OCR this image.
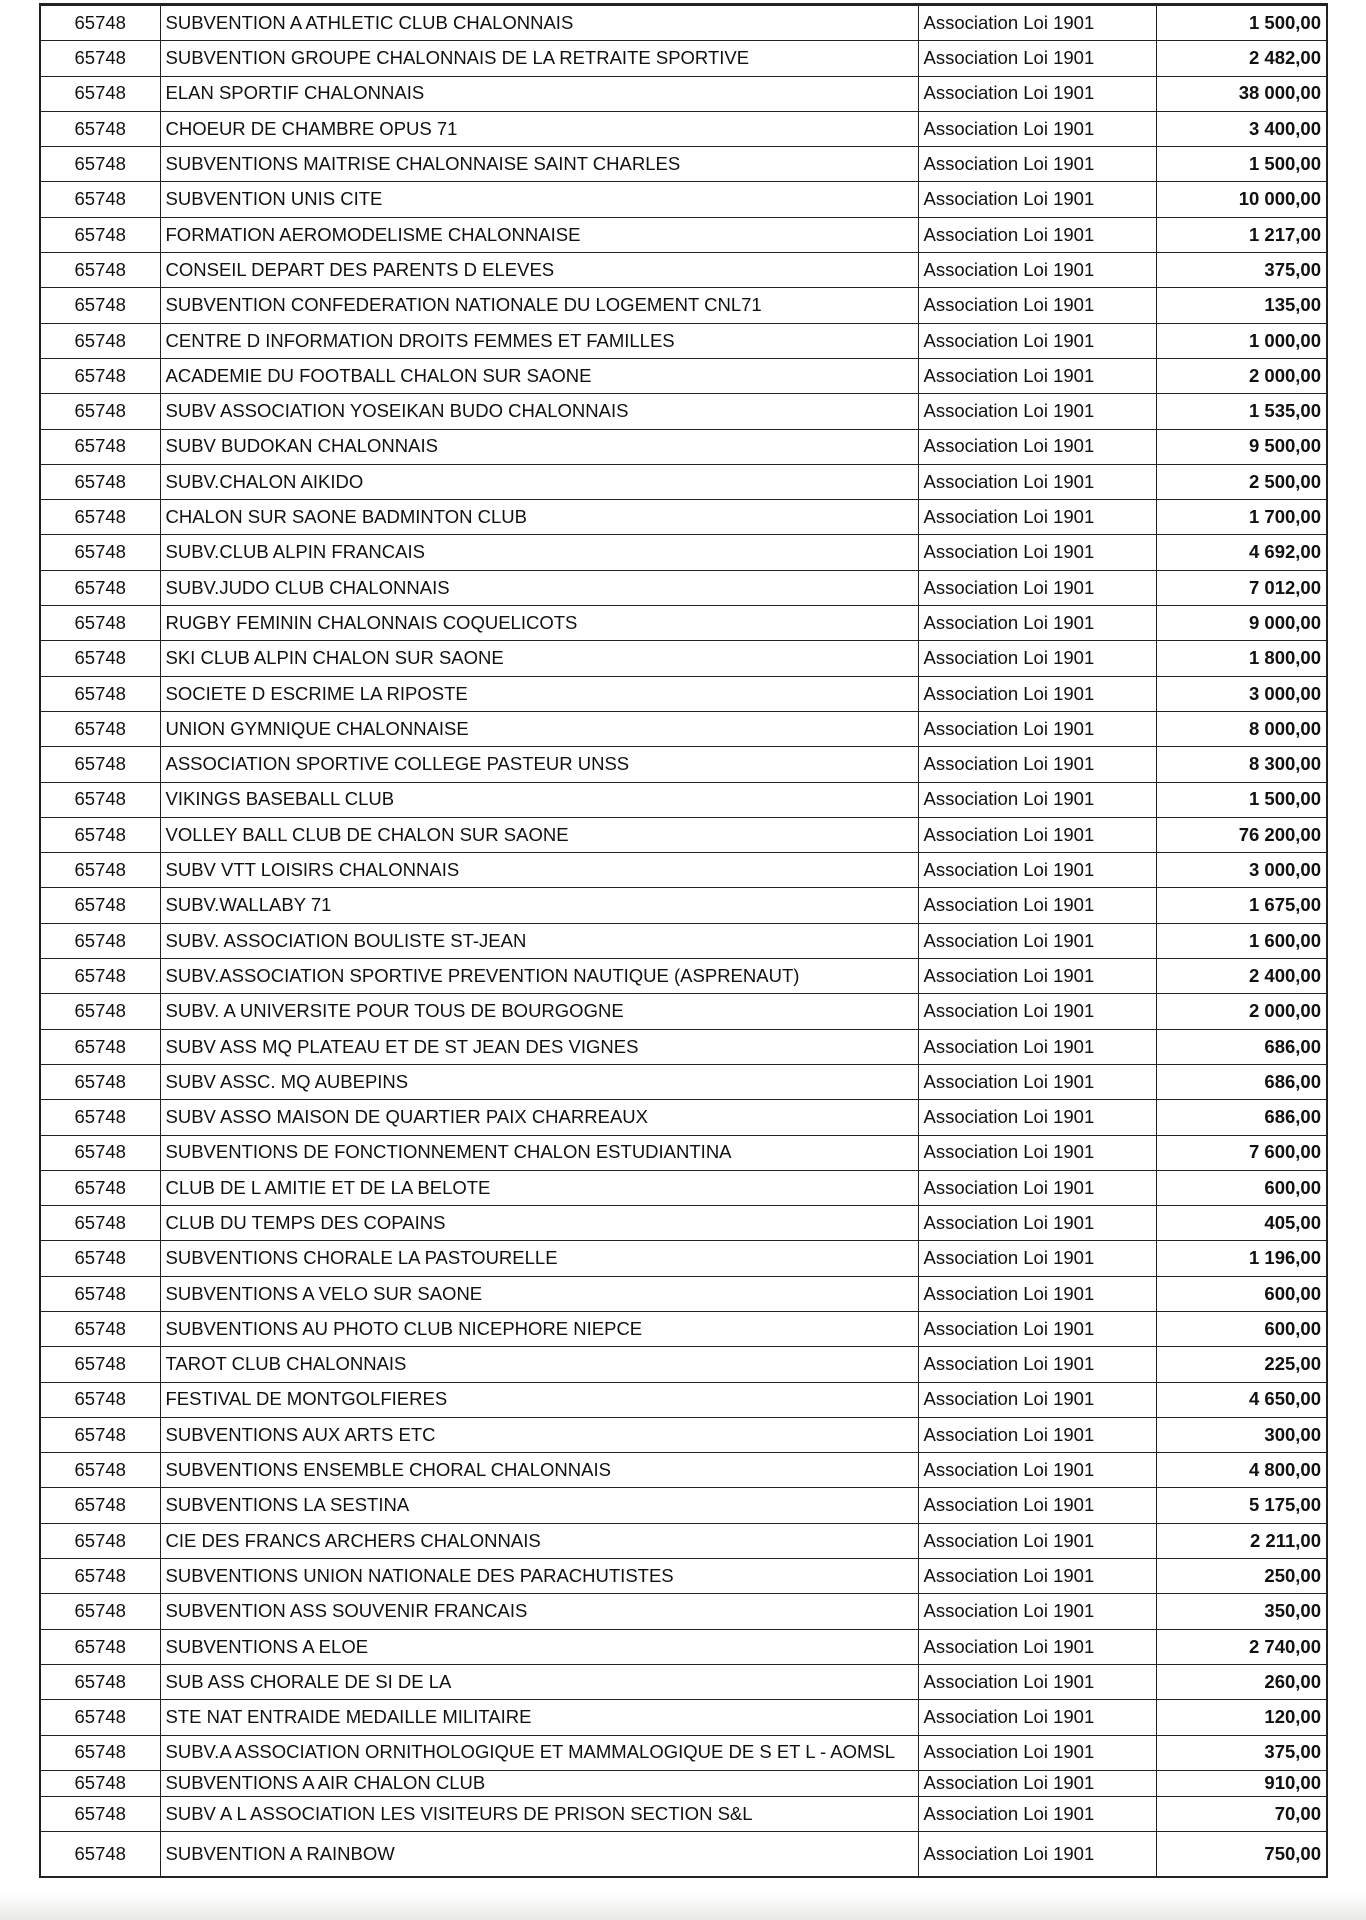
65748	SUBVENTION A ATHLETIC CLUB CHALONNAIS	Association Loi 1901	1 500,00
65748	SUBVENTION GROUPE CHALONNAIS DE LA RETRAITE SPORTIVE	Association Loi 1901	2 482,00
65748	ELAN SPORTIF CHALONNAIS	Association Loi 1901	38 000,00
65748	CHOEUR DE CHAMBRE OPUS 71	Association Loi 1901	3 400,00
65748	SUBVENTIONS MAITRISE CHALONNAISE SAINT CHARLES	Association Loi 1901	1 500,00
65748	SUBVENTION UNIS CITE	Association Loi 1901	10 000,00
65748	FORMATION AEROMODELISME CHALONNAISE	Association Loi 1901	1 217,00
65748	CONSEIL DEPART DES PARENTS D ELEVES	Association Loi 1901	375,00
65748	SUBVENTION CONFEDERATION NATIONALE DU LOGEMENT CNL71	Association Loi 1901	135,00
65748	CENTRE D INFORMATION DROITS FEMMES ET FAMILLES	Association Loi 1901	1 000,00
65748	ACADEMIE DU FOOTBALL CHALON SUR SAONE	Association Loi 1901	2 000,00
65748	SUBV ASSOCIATION YOSEIKAN BUDO CHALONNAIS	Association Loi 1901	1 535,00
65748	SUBV BUDOKAN CHALONNAIS	Association Loi 1901	9 500,00
65748	SUBV.CHALON AIKIDO	Association Loi 1901	2 500,00
65748	CHALON SUR SAONE BADMINTON CLUB	Association Loi 1901	1 700,00
65748	SUBV.CLUB ALPIN FRANCAIS	Association Loi 1901	4 692,00
65748	SUBV.JUDO CLUB CHALONNAIS	Association Loi 1901	7 012,00
65748	RUGBY FEMININ CHALONNAIS COQUELICOTS	Association Loi 1901	9 000,00
65748	SKI CLUB ALPIN CHALON SUR SAONE	Association Loi 1901	1 800,00
65748	SOCIETE D ESCRIME LA RIPOSTE	Association Loi 1901	3 000,00
65748	UNION GYMNIQUE CHALONNAISE	Association Loi 1901	8 000,00
65748	ASSOCIATION SPORTIVE COLLEGE PASTEUR UNSS	Association Loi 1901	8 300,00
65748	VIKINGS BASEBALL CLUB	Association Loi 1901	1 500,00
65748	VOLLEY BALL CLUB DE CHALON SUR SAONE	Association Loi 1901	76 200,00
65748	SUBV VTT LOISIRS CHALONNAIS	Association Loi 1901	3 000,00
65748	SUBV.WALLABY 71	Association Loi 1901	1 675,00
65748	SUBV. ASSOCIATION BOULISTE ST-JEAN	Association Loi 1901	1 600,00
65748	SUBV.ASSOCIATION SPORTIVE PREVENTION NAUTIQUE (ASPRENAUT)	Association Loi 1901	2 400,00
65748	SUBV. A UNIVERSITE POUR TOUS DE BOURGOGNE	Association Loi 1901	2 000,00
65748	SUBV ASS MQ PLATEAU ET DE ST JEAN DES VIGNES	Association Loi 1901	686,00
65748	SUBV ASSC. MQ AUBEPINS	Association Loi 1901	686,00
65748	SUBV ASSO MAISON DE QUARTIER PAIX CHARREAUX	Association Loi 1901	686,00
65748	SUBVENTIONS DE FONCTIONNEMENT CHALON ESTUDIANTINA	Association Loi 1901	7 600,00
65748	CLUB DE L AMITIE ET DE LA BELOTE	Association Loi 1901	600,00
65748	CLUB DU TEMPS DES COPAINS	Association Loi 1901	405,00
65748	SUBVENTIONS CHORALE LA PASTOURELLE	Association Loi 1901	1 196,00
65748	SUBVENTIONS A VELO SUR SAONE	Association Loi 1901	600,00
65748	SUBVENTIONS AU PHOTO CLUB NICEPHORE NIEPCE	Association Loi 1901	600,00
65748	TAROT CLUB CHALONNAIS	Association Loi 1901	225,00
65748	FESTIVAL DE MONTGOLFIERES	Association Loi 1901	4 650,00
65748	SUBVENTIONS AUX ARTS ETC	Association Loi 1901	300,00
65748	SUBVENTIONS ENSEMBLE CHORAL CHALONNAIS	Association Loi 1901	4 800,00
65748	SUBVENTIONS LA SESTINA	Association Loi 1901	5 175,00
65748	CIE DES FRANCS ARCHERS CHALONNAIS	Association Loi 1901	2 211,00
65748	SUBVENTIONS UNION NATIONALE DES PARACHUTISTES	Association Loi 1901	250,00
65748	SUBVENTION ASS SOUVENIR FRANCAIS	Association Loi 1901	350,00
65748	SUBVENTIONS A ELOE	Association Loi 1901	2 740,00
65748	SUB ASS CHORALE DE SI DE LA	Association Loi 1901	260,00
65748	STE NAT ENTRAIDE MEDAILLE MILITAIRE	Association Loi 1901	120,00
65748	SUBV.A ASSOCIATION ORNITHOLOGIQUE ET MAMMALOGIQUE DE S ET L - AOMSL	Association Loi 1901	375,00
65748	SUBVENTIONS A AIR CHALON CLUB	Association Loi 1901	910,00
65748	SUBV A L ASSOCIATION LES VISITEURS DE PRISON SECTION S&L	Association Loi 1901	70,00
65748	SUBVENTION A RAINBOW	Association Loi 1901	750,00
